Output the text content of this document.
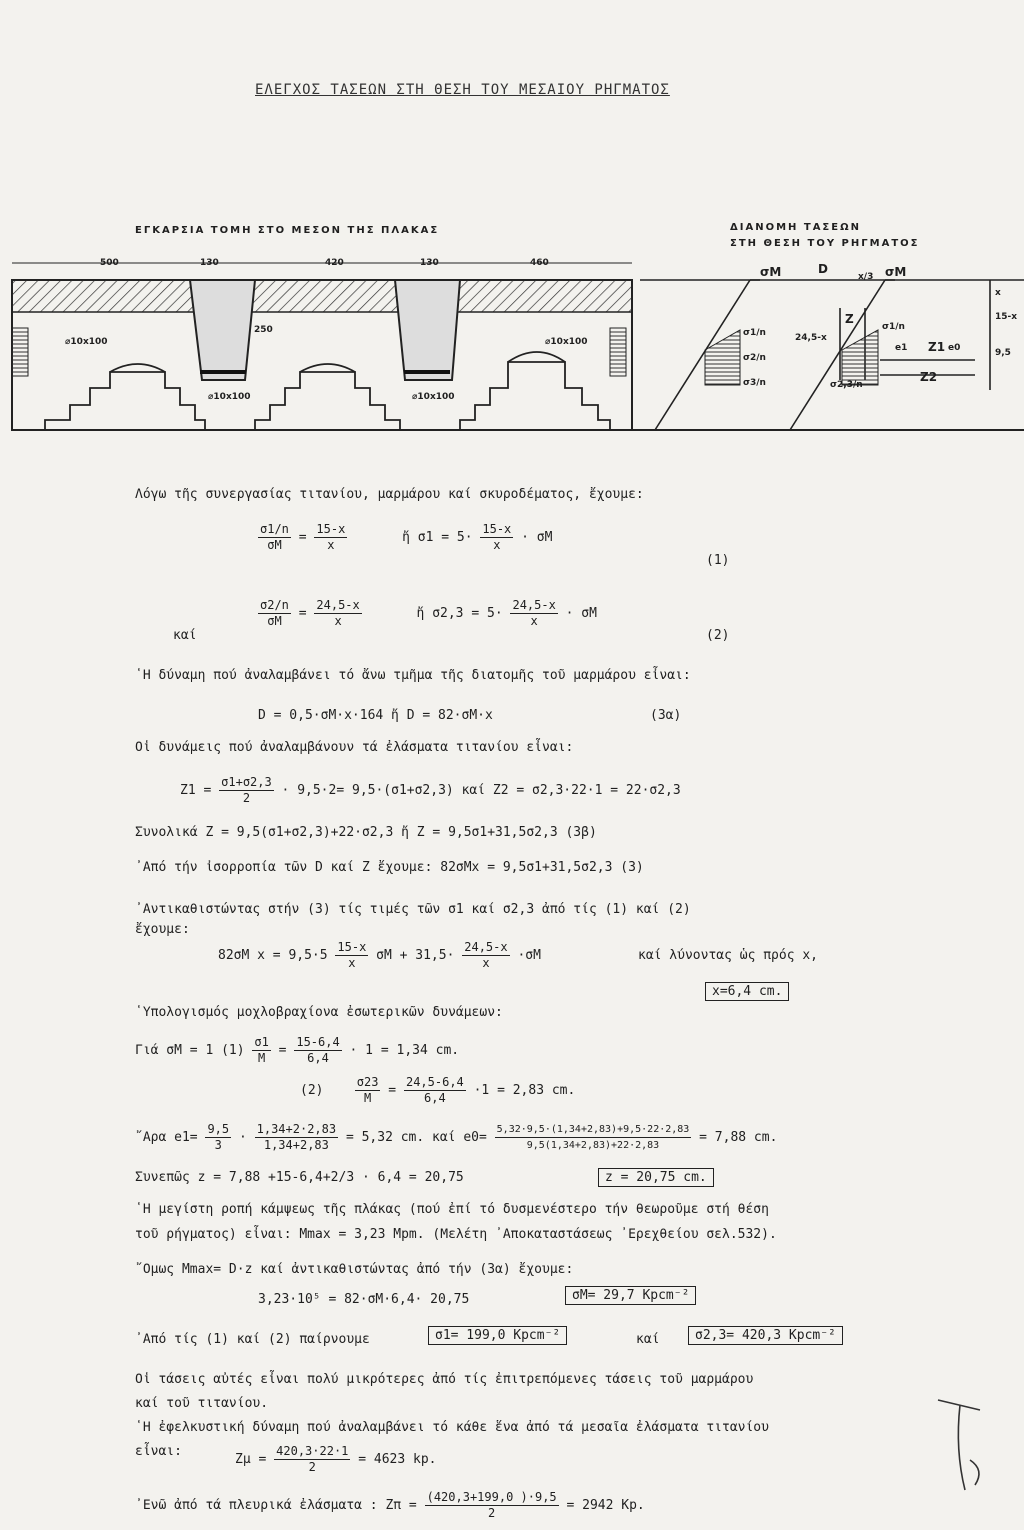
ΕΛΕΓΧΟΣ ΤΑΣΕΩΝ ΣΤΗ ΘΕΣΗ ΤΟΥ ΜΕΣΑΙΟΥ ΡΗΓΜΑΤΟΣ
ΕΓΚΑΡΣΙΑ ΤΟΜΗ ΣΤΟ ΜΕΣΟΝ ΤΗΣ ΠΛΑΚΑΣ	ΔΙΑΝΟΜΗ ΤΑΣΕΩΝ
ΣΤΗ ΘΕΣΗ ΤΟΥ ΡΗΓΜΑΤΟΣ
500	130	420	130	460
250
⌀10x100
⌀10x100	⌀10x100
⌀10x100
σM	D
x/3 σM
σ1/n
σ2/n
σ3/n
24,5-x
Z
σ1/n
e1 Z1 e0
Z2
σ2,3/n
x
15-x
9,5
Λόγω τῆς συνεργασίας τιτανίου, μαρμάρου καί σκυροδέματος, ἔχουμε:
$\frac{\sigma 1/n}{\sigma M} = \frac{15-x}{x}$	ἤ $\sigma 1 = 5\cdot \frac{15-x}{x} \cdot \sigma M$
(1)
καί
$\frac{\sigma 2/n}{\sigma M} = \frac{24,5-x}{x}$	ἤ $\sigma 2,3 = 5\cdot \frac{24,5-x}{x} \cdot \sigma M$
(2)
῾Η δύναμη πού ἀναλαμβάνει τό ἄνω τμῆμα τῆς διατομῆς τοῦ μαρμάρου εἶναι:
D = 0,5·σM·x·164 ἤ D = 82·σM·x	(3α)
Οἱ δυνάμεις πού ἀναλαμβάνουν τά ἐλάσματα τιτανίου εἶναι:
$Z1 = \frac{\sigma 1+\sigma 2,3}{2} \cdot 9,5\cdot 2= 9,5\cdot(\sigma 1+\sigma 2,3)$ καί Z2 = σ2,3·22·1 = 22·σ2,3
Συνολικά Z = 9,5(σ1+σ2,3)+22·σ2,3 ἤ Z = 9,5σ1+31,5σ2,3 (3β)
᾽Από τήν ἰσορροπία τῶν D καί Z ἔχουμε: 82σMx = 9,5σ1+31,5σ2,3 (3)
᾽Αντικαθιστώντας στήν (3) τίς τιμές τῶν σ1 καί σ2,3 ἀπό τίς (1) καί (2)
ἔχουμε:
82σM $x = 9,5\cdot 5 \frac{15-x}{x}$ $\sigma M + 31,5\cdot \frac{24,5-x}{x} \cdot\sigma M$	καί λύνοντας ὡς πρός x,
x=6,4 cm.
῾Υπολογισμός μοχλοβραχίονα ἐσωτερικῶν δυνάμεων:
Γιά σM = 1 $(1) \frac{\sigma 1}{M} = \frac{15-6,4}{6,4} \cdot 1 = 1,34$ cm.
(2)	$\frac{\sigma 23}{M} = \frac{24,5-6,4}{6,4} \cdot 1 = 2,83$ cm.
῎Αρα $e1= \frac{9,5}{3} \cdot \frac{1,34+2\cdot 2,83}{1,34+2,83} = 5,32$ cm. καί $e0= \frac{5,32\cdot 9,5\cdot(1,34+2,83)+9,5\cdot 22\cdot 2,83}{9,5(1,34+2,83)+22\cdot 2,83} = 7,88$ cm.
Συνεπῶς z = 7,88 +15-6,4+2/3 · 6,4 = 20,75	z = 20,75 cm.
῾Η μεγίστη ροπή κάμψεως τῆς πλάκας (πού ἐπί τό δυσμενέστερο τήν θεωροῦμε στή θέση
τοῦ ρήγματος) εἶναι: Mmax = 3,23 Mpm. (Μελέτη ᾽Αποκαταστάσεως ᾽Ερεχθείου σελ.532).
῎Ομως Mmax= D·z καί ἀντικαθιστώντας ἀπό τήν (3α) ἔχουμε:
3,23·10⁵ = 82·σM·6,4· 20,75	σM= 29,7 Kpcm⁻²
᾽Από τίς (1) καί (2) παίρνουμε	σ1= 199,0 Kpcm⁻²	καί	σ2,3= 420,3 Kpcm⁻²
Οἱ τάσεις αὐτές εἶναι πολύ μικρότερες ἀπό τίς ἐπιτρεπόμενες τάσεις τοῦ μαρμάρου
καί τοῦ τιτανίου.
῾Η ἐφελκυστική δύναμη πού ἀναλαμβάνει τό κάθε ἕνα ἀπό τά μεσαῖα ἐλάσματα τιτανίου
εἶναι:
$Z\mu = \frac{420,3\cdot 22\cdot 1}{2} = 4623$ kp.
᾽Ενῶ ἀπό τά πλευρικά ἐλάσματα : $Z\pi = \frac{(420,3+199,0 )\cdot 9,5}{2} = 2942$ Kp.
